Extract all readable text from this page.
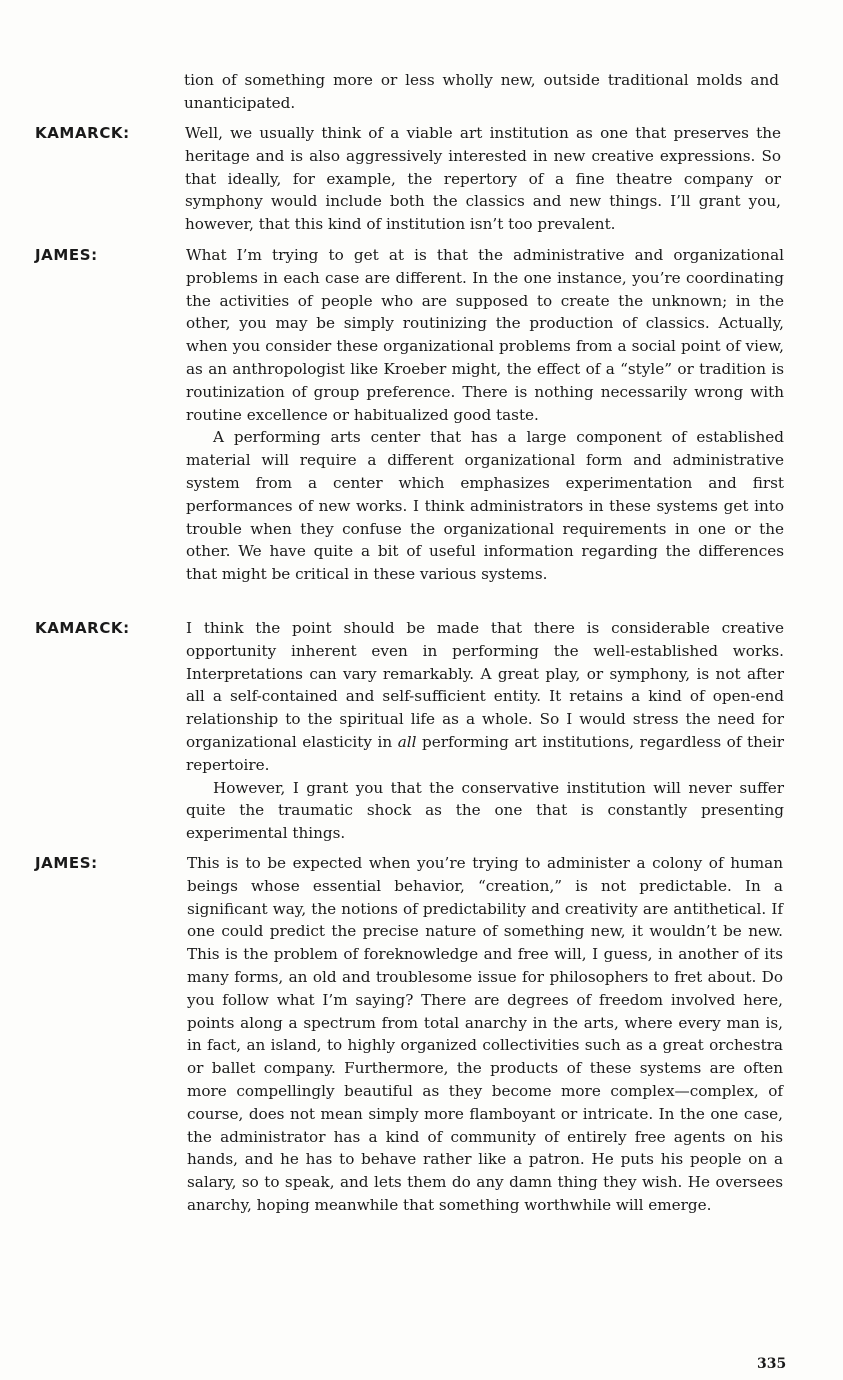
tion of something more or less wholly new, outside traditional molds and unanticipated.

KAMARCK:	Well, we usually think of a viable art institution as one that preserves the heritage and is also aggressively interested in new creative expressions. So that ideally, for example, the repertory of a fine theatre company or symphony would include both the classics and new things. I’ll grant you, however, that this kind of institution isn’t too prevalent.

JAMES:	What I’m trying to get at is that the administrative and organizational problems in each case are different. In the one instance, you’re coordinating the activities of people who are supposed to create the unknown; in the other, you may be simply routinizing the production of classics. Actually, when you consider these organizational problems from a social point of view, as an anthropologist like Kroeber might, the effect of a “style” or tradition is routinization of group preference. There is nothing necessarily wrong with routine excellence or habitualized good taste.

A performing arts center that has a large component of established material will require a different organizational form and administrative system from a center which emphasizes experimentation and first performances of new works. I think administrators in these systems get into trouble when they confuse the organizational requirements in one or the other. We have quite a bit of useful information regarding the differences that might be critical in these various systems.

KAMARCK:	I think the point should be made that there is considerable creative opportunity inherent even in performing the well-established works. Interpretations can vary remarkably. A great play, or symphony, is not after all a self-contained and self-sufficient entity. It retains a kind of open-end relationship to the spiritual life as a whole. So I would stress the need for organizational elasticity in all performing art institutions, regardless of their repertoire.

However, I grant you that the conservative institution will never suffer quite the traumatic shock as the one that is constantly presenting experimental things.

JAMES:	This is to be expected when you’re trying to administer a colony of human beings whose essential behavior, “creation,” is not predictable. In a significant way, the notions of predictability and creativity are antithetical. If one could predict the precise nature of something new, it wouldn’t be new. This is the problem of foreknowledge and free will, I guess, in another of its many forms, an old and troublesome issue for philosophers to fret about. Do you follow what I’m saying? There are degrees of freedom involved here, points along a spectrum from total anarchy in the arts, where every man is, in fact, an island, to highly organized collectivities such as a great orchestra or ballet company. Furthermore, the products of these systems are often more compellingly beautiful as they become more complex—complex, of course, does not mean simply more flamboyant or intricate. In the one case, the administrator has a kind of community of entirely free agents on his hands, and he has to behave rather like a patron. He puts his people on a salary, so to speak, and lets them do any damn thing they wish. He oversees anarchy, hoping meanwhile that something worthwhile will emerge.

335
